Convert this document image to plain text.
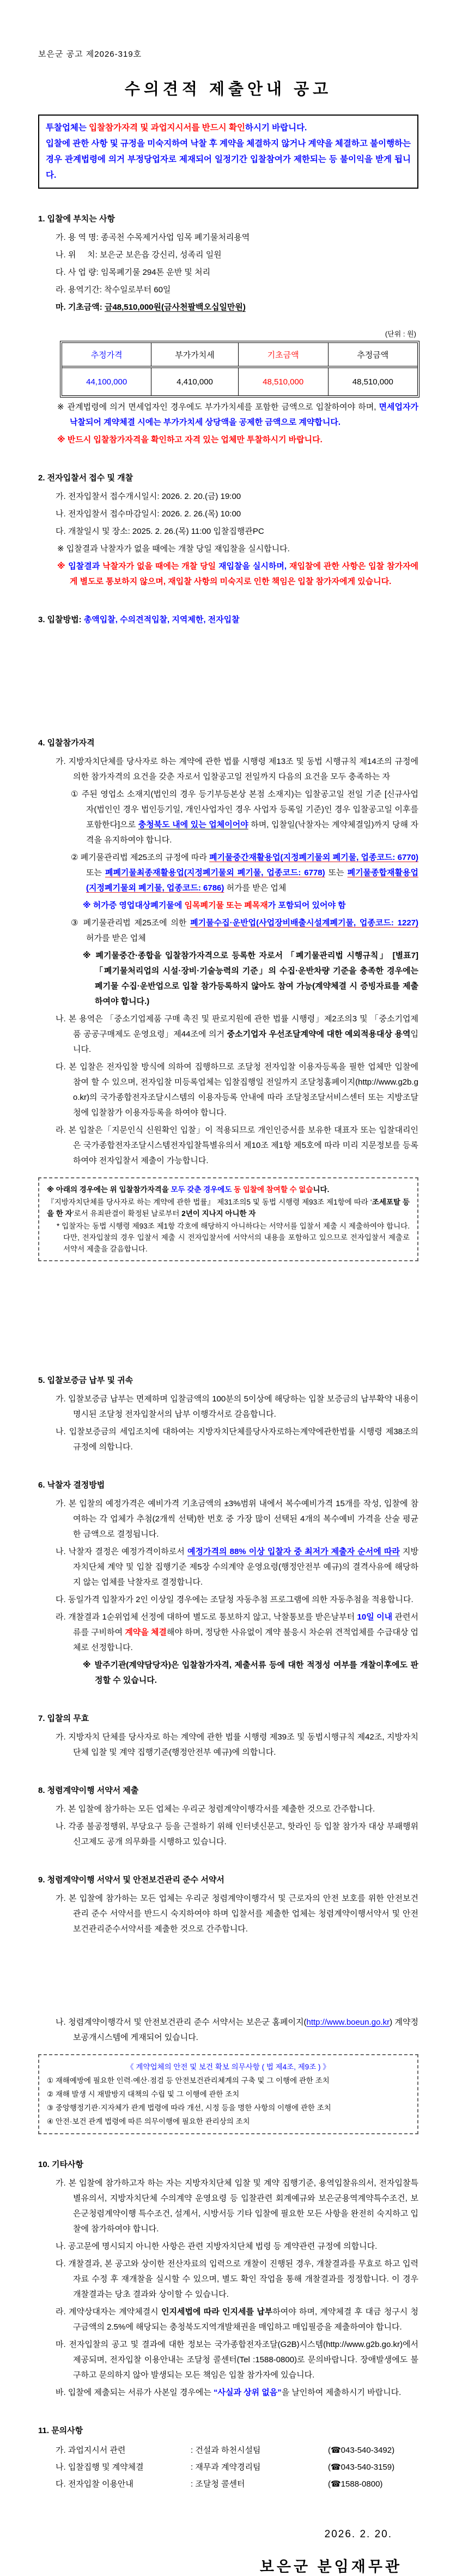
보은군 공고 제2026-319호
수의견적 제출안내 공고
투찰업체는 입찰참가자격 및 과업지시서를 반드시 확인하시기 바랍니다.
입찰에 관한 사항 및 규정을 미숙지하여 낙찰 후 계약을 체결하지 않거나 계약을 체결하고 불이행하는 경우 관계법령에 의거 부정당업자로 제재되어 일정기간 입찰참여가 제한되는 등 불이익을 받게 됩니다.
1. 입찰에 부치는 사항
가. 용 역 명: 종곡천 수목제거사업 임목 폐기물처리용역
나. 위     치: 보은군 보은읍 강신리, 성족리 일원
다. 사 업 량: 임목폐기물 294톤 운반 및 처리
라. 용역기간: 착수일로부터 60일
마. 기초금액: 금48,510,000원(금사천팔백오십일만원)
(단위 : 원)
추정가격	부가가치세	기초금액	추정금액
44,100,000	4,410,000	48,510,000	48,510,000
※ 관계법령에 의거 면세업자인 경우에도 부가가치세를 포함한 금액으로 입찰하여야 하며, 면세업자가 낙찰되어 계약체결 시에는 부가가치세 상당액을 공제한 금액으로 계약합니다.
※ 반드시 입찰참가자격을 확인하고 자격 있는 업체만 투찰하시기 바랍니다.
2. 전자입찰서 접수 및 개찰
가. 전자입찰서 접수개시일시: 2026. 2. 20.(금) 19:00
나. 전자입찰서 접수마감일시: 2026. 2. 26.(목) 10:00
다. 개찰일시 및 장소: 2025. 2. 26.(목) 11:00 입찰집행관PC
※ 입찰결과 낙찰자가 없을 때에는 개찰 당일 재입찰을 실시합니다.
※ 입찰결과 낙찰자가 없을 때에는 개찰 당일 재입찰을 실시하며, 재입찰에 관한 사항은 입찰 참가자에게 별도로 통보하지 않으며, 재입찰 사항의 미숙지로 인한 책임은 입찰 참가자에게 있습니다.
3. 입찰방법: 총액입찰, 수의견적입찰, 지역제한, 전자입찰
4. 입찰참가자격
가. 지방자치단체를 당사자로 하는 계약에 관한 법률 시행령 제13조 및 동법 시행규칙 제14조의 규정에 의한 참가자격의 요건을 갖춘 자로서 입찰공고일 전일까지 다음의 요건을 모두 충족하는 자
① 주된 영업소 소재지(법인의 경우 등기부등본상 본점 소재지)는 입찰공고일 전일 기준 [신규사업자(법인인 경우 법인등기일, 개인사업자인 경우 사업자 등록일 기준)인 경우 입찰공고일 이후를 포함한다]으로 충청북도 내에 있는 업체이어야 하며, 입찰일(낙찰자는 계약체결일)까지 당해 자격을 유지하여야 합니다.
② 폐기물관리법 제25조의 규정에 따라 폐기물중간재활용업(지정폐기물외 폐기물, 업종코드: 6770) 또는 폐폐기물최종재활용업(지정폐기물외 폐기물, 업종코드: 6778) 또는 폐기물종합재활용업(지정폐기물외 폐기물, 업종코드: 6786) 허가를 받은 업체
※ 허가증 영업대상폐기물에 임목폐기물 또는 폐목재가 포함되어 있어야 함
③ 폐기물관리법 제25조에 의한 폐기물수집·운반업(사업장비배출시설계폐기물, 업종코드: 1227) 허가를 받은 업체
※ 폐기물중간·종합을 입찰참가자격으로 등록한 자로서 「폐기물관리법 시행규칙」 [별표7] 「폐기물처리업의 시설·장비·기술능력의 기준」의 수집·운반차량 기준을 충족한 경우에는 폐기물 수집·운반업으로 입찰 참가등록하지 않아도 참여 가능(계약체결 시 증빙자료를 제출하여야 합니다.)
나. 본 용역은 「중소기업제품 구매 촉진 및 판로지원에 관한 법률 시행령」제2조의3 및 「중소기업제품 공공구매제도 운영요령」제44조에 의거 중소기업자 우선조달계약에 대한 예외적용대상 용역입니다.
다. 본 입찰은 전자입찰 방식에 의하여 집행하므로 조달청 전자입찰 이용자등록을 필한 업체만 입찰에 참여 할 수 있으며, 전자입찰 미등록업체는 입찰집행일 전일까지 조달청홈페이지(http://www.g2b.go.kr)의 국가종합전자조달시스템의 이용자등록 안내에 따라 조달청조달서비스센터 또는 지방조달청에 입찰참가 이용자등록을 하여야 합니다.
라. 본 입찰은「지문인식 신원확인 입찰」이 적용되므로 개인인증서를 보유한 대표자 또는 입찰대리인은 국가종합전자조달시스템전자입찰특별유의서 제10조 제1항 제5호에 따라 미리 지문정보를 등록하여야 전자입찰서 제출이 가능합니다.
※ 아래의 경우에는 위 입찰참가자격을 모두 갖춘 경우에도 동 입찰에 참여할 수 없습니다.
『지방자치단체를 당사자로 하는 계약에 관한 법률』 제31조의5 및 동법 시행령 제93조 제1항에 따라 ‘조세포탈 등을 한 자’로서 유죄판결이 확정된 날로부터 2년이 지나지 아니한 자
* 입찰자는 동법 시행령 제93조 제1항 각호에 해당하지 아니하다는 서약서를 입찰서 제출 시 제출하여야 합니다. 다만, 전자입찰의 경우 입찰서 제출 시 전자입찰서에 서약서의 내용을 포함하고 있으므로 전자입찰서 제출로 서약서 제출을 갈음합니다.
5. 입찰보증금 납부 및 귀속
가. 입찰보증금 납부는 면제하며 입찰금액의 100분의 5이상에 해당하는 입찰 보증금의 납부확약 내용이 명시된 조달청 전자입찰서의 납부 이행각서로 갈음합니다.
나. 입찰보증금의 세입조치에 대하여는 지방자치단체를당사자로하는계약에관한법률 시행령 제38조의 규정에 의합니다.
6. 낙찰자 결정방법
가. 본 입찰의 예정가격은 예비가격 기초금액의 ±3%범위 내에서 복수예비가격 15개를 작성, 입찰에 참여하는 각 업체가 추첨(2개씩 선택)한 번호 중 가장 많이 선택된 4개의 복수예비 가격을 산술 평균한 금액으로 결정됩니다.
나. 낙찰자 결정은 예정가격이하로서 예정가격의 88% 이상 입찰자 중 최저가 제출자 순서에 따라 지방자치단체 계약 및 입찰 집행기준 제5장 수의계약 운영요령(행정안전부 예규)의 결격사유에 해당하지 않는 업체를 낙찰자로 결정합니다.
다. 동일가격 입찰자가 2인 이상일 경우에는 조달청 자동추첨 프로그램에 의한 자동추첨을 적용합니다.
라. 개찰결과 1순위업체 선정에 대하여 별도로 통보하지 않고, 낙찰통보를 받은날부터 10일 이내 관련서류를 구비하여 계약을 체결해야 하며, 정당한 사유없이 계약 불응시 차순위 견적업체를 수급대상 업체로 선정합니다.
※ 발주기관(계약담당자)은 입찰참가자격, 제출서류 등에 대한 적정성 여부를 개찰이후에도 판정할 수 있습니다.
7. 입찰의 무효
가. 지방자치 단체를 당사자로 하는 계약에 관한 법률 시행령 제39조 및 동법시행규칙 제42조, 지방자치단체 입찰 및 계약 집행기준(행정안전부 예규)에 의합니다.
8. 청렴계약이행 서약서 제출
가. 본 입찰에 참가하는 모든 업체는 우리군 청렴계약이행각서를 제출한 것으로 간주합니다.
나. 각종 불공정행위, 부당요구 등을 근절하기 위해 인터넷신문고, 핫라인 등 입찰 참가자 대상 부패행위 신고제도 공개 의무화를 시행하고 있습니다.
9. 청렴계약이행 서약서 및 안전보건관리 준수 서약서
가. 본 입찰에 참가하는 모든 업체는 우리군 청렴계약이행각서 및 근로자의 안전 보호를 위한 안전보건관리 준수 서약서를 반드시 숙지하여야 하며 입찰서를 제출한 업체는 청렴계약이행서약서 및 안전보건관리준수서약서를 제출한 것으로 간주합니다.
나. 청렴계약이행각서 및 안전보건관리 준수 서약서는 보은군 홈페이지(http://www.boeun.go.kr) 계약정보공개시스템에 게재되어 있습니다.
《 계약업체의 안전 및 보건 확보 의무사항 ( 법 제4조, 제9조 ) 》
① 재해예방에 필요한 인력·예산·점검 등 안전보건관리체계의 구축 및 그 이행에 관한 조치
② 재해 발생 시 재발방지 대책의 수립 및 그 이행에 관한 조치
③ 중앙행정기관·지자체가 관계 법령에 따라 개선, 시정 등을 명한 사항의 이행에 관한 조치
④ 안전·보건 관계 법령에 따른 의무이행에 필요한 관리상의 조치
10. 기타사항
가. 본 입찰에 참가하고자 하는 자는 지방자치단체 입찰 및 계약 집행기준, 용역입찰유의서, 전자입찰특별유의서, 지방자치단체 수의계약 운영요령 등 입찰관련 회계예규와 보은군용역계약특수조건, 보은군청렴계약이행 특수조건, 설계서, 시방서등 기타 입찰에 필요한 모든 사항을 완전히 숙지하고 입찰에 참가하여야 합니다.
나. 공고문에 명시되지 아니한 사항은 관련 지방자치단체 법령 등 계약관련 규정에 의합니다.
다. 개찰결과, 본 공고와 상이한 전산자료의 입력으로 개찰이 진행된 경우, 개찰결과를 무효로 하고 입력자료 수정 후 재개찰을 실시할 수 있으며, 별도 확인 작업을 통해 개찰결과를 정정합니다. 이 경우 개찰결과는 당초 결과와 상이할 수 있습니다.
라. 계약상대자는 계약체결시 인지세법에 따라 인지세를 납부하여야 하며, 계약체결 후 대금 청구시 청구금액의 2.5%에 해당되는 충청북도지역개발채권을 매입하고 매입필증을 제출하여야 합니다.
마. 전자입찰의 공고 및 결과에 대한 정보는 국가종합전자조달(G2B)시스템(http://www.g2b.go.kr)에서 제공되며, 전자입찰 이용안내는 조달청 콜센터(Tel :1588-0800)로 문의바랍니다. 장애발생에도 불구하고 문의하지 않아 발생되는 모든 책임은 입찰 참가자에 있습니다.
바. 입찰에 제출되는 서류가 사본일 경우에는 “사실과 상위 없음”을 날인하여 제출하시기 바랍니다.
11. 문의사항
가. 과업지시서 관련	: 건설과 하천시설팀	(☎043-540-3492)
나. 입찰집행 및 계약체결	: 재무과 계약경리팀	(☎043-540-3159)
다. 전자입찰 이용안내	: 조달청 콜센터	(☎1588-0800)
2026. 2. 20.
보은군 분임재무관
